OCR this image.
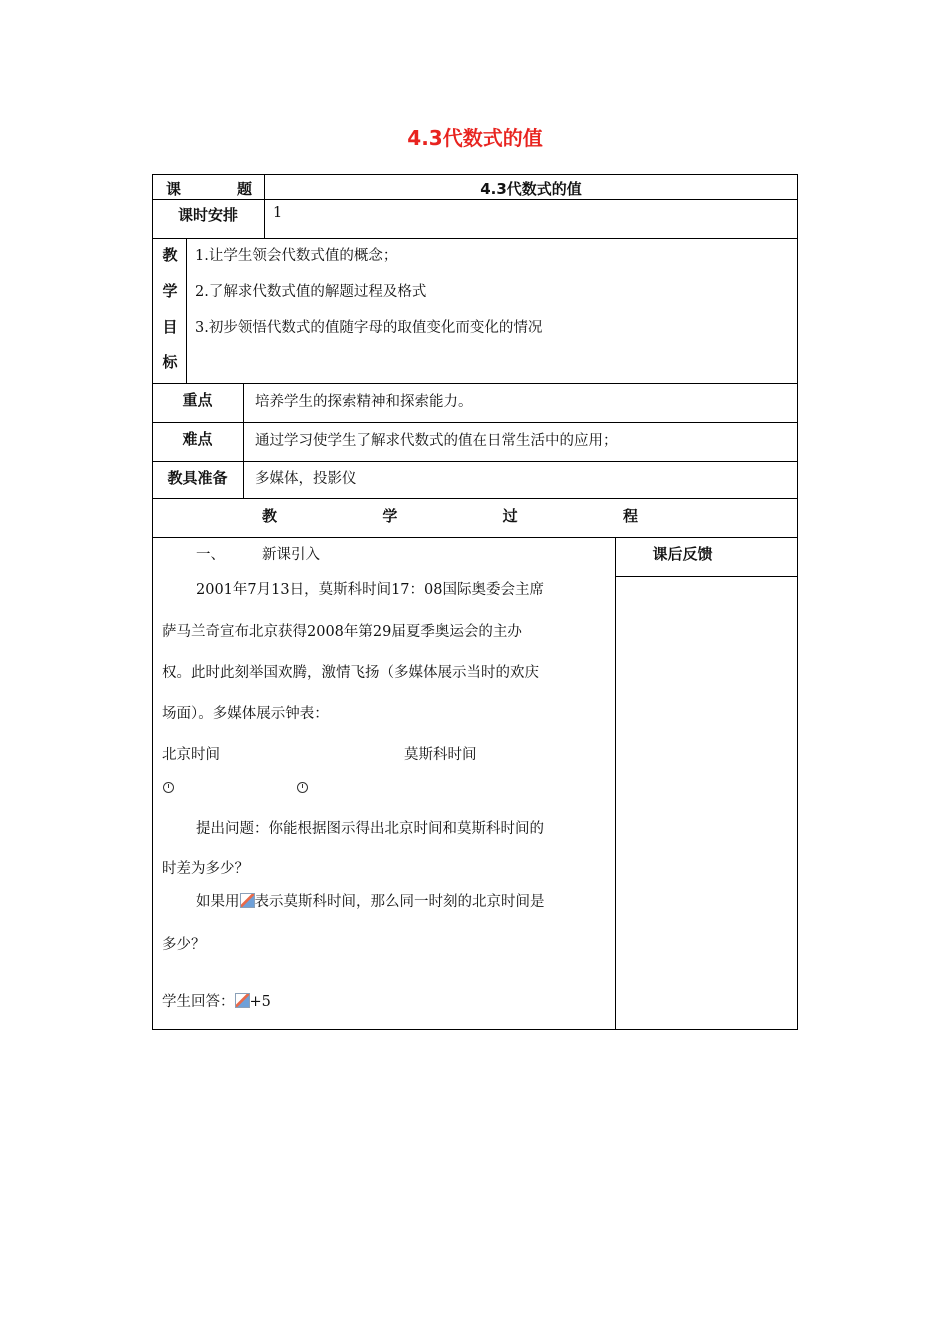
4.3代数式的值
课	题	4.3代数式的值
课时安排	1
教
学
目
标
1.让学生领会代数式值的概念；
2.了解求代数式值的解题过程及格式
3.初步领悟代数式的值随字母的取值变化而变化的情况
重点	培养学生的探索精神和探索能力。
难点	通过学习使学生了解求代数式的值在日常生活中的应用；
教具准备	多媒体，投影仪
教	学	过	程
课后反馈
一、	新课引入
2001年7月13日，莫斯科时间17：08国际奥委会主席
萨马兰奇宣布北京获得2008年第29届夏季奥运会的主办
权。此时此刻举国欢腾，激情飞扬（多媒体展示当时的欢庆
场面）。多媒体展示钟表：
北京时间	莫斯科时间
提出问题：你能根据图示得出北京时间和莫斯科时间的
时差为多少？
如果用 表示莫斯科时间，那么同一时刻的北京时间是
多少？
学生回答： +5
